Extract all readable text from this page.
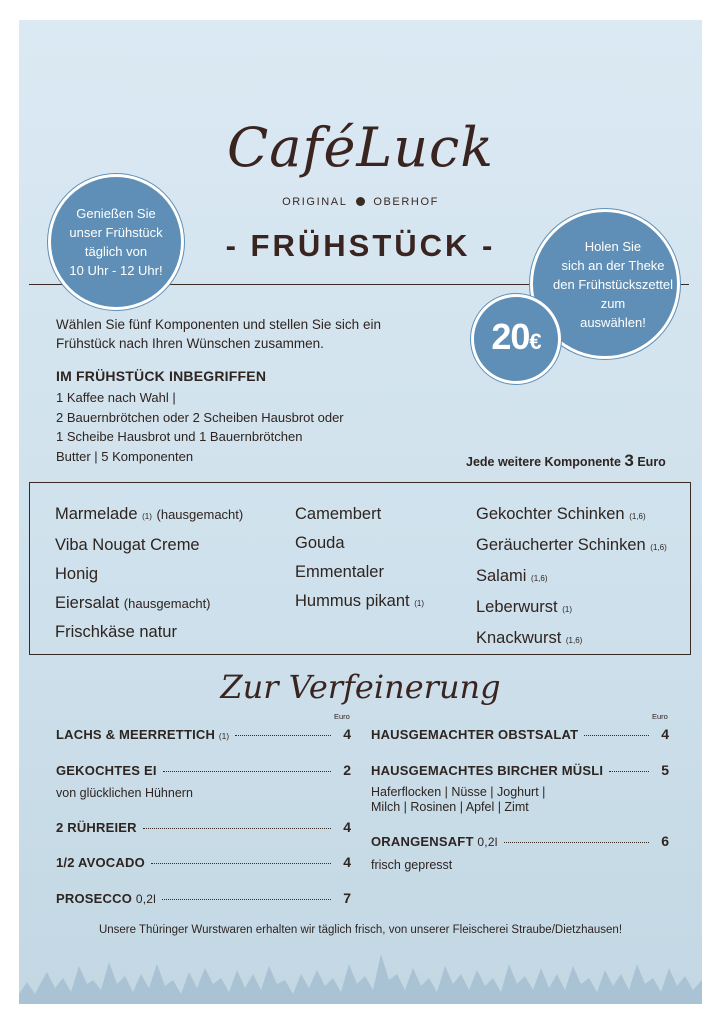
CaféLuck
ORIGINAL OBERHOF
- FRÜHSTÜCK -
Genießen Sie
unser Frühstück
täglich von
10 Uhr - 12 Uhr!
Holen Sie
sich an der Theke
den Frühstückszettel
zum
auswählen!
20€
Wählen Sie fünf Komponenten und stellen Sie sich ein
Frühstück nach Ihren Wünschen zusammen.
IM FRÜHSTÜCK INBEGRIFFEN
1 Kaffee nach Wahl |
2 Bauernbrötchen oder 2 Scheiben Hausbrot oder
1 Scheibe Hausbrot und 1 Bauernbrötchen
Butter | 5 Komponenten	Jede weitere Komponente 3 Euro
Marmelade (1) (hausgemacht)
Viba Nougat Creme
Honig
Eiersalat (hausgemacht)
Frischkäse natur
Camembert
Gouda
Emmentaler
Hummus pikant (1)
Gekochter Schinken (1,6)
Geräucherter Schinken (1,6)
Salami (1,6)
Leberwurst (1)
Knackwurst (1,6)
Zur Verfeinerung
Euro	Euro
LACHS & MEERRETTICH (1)	4
GEKOCHTES EI	2
von glücklichen Hühnern
2 RÜHREIER	4
1/2 AVOCADO	4
PROSECCO 0,2l	7
HAUSGEMACHTER OBSTSALAT	4
HAUSGEMACHTES BIRCHER MÜSLI	5
Haferflocken | Nüsse | Joghurt |
Milch | Rosinen | Apfel | Zimt
ORANGENSAFT 0,2l	6
frisch gepresst
Unsere Thüringer Wurstwaren erhalten wir täglich frisch, von unserer Fleischerei Straube/Dietzhausen!
